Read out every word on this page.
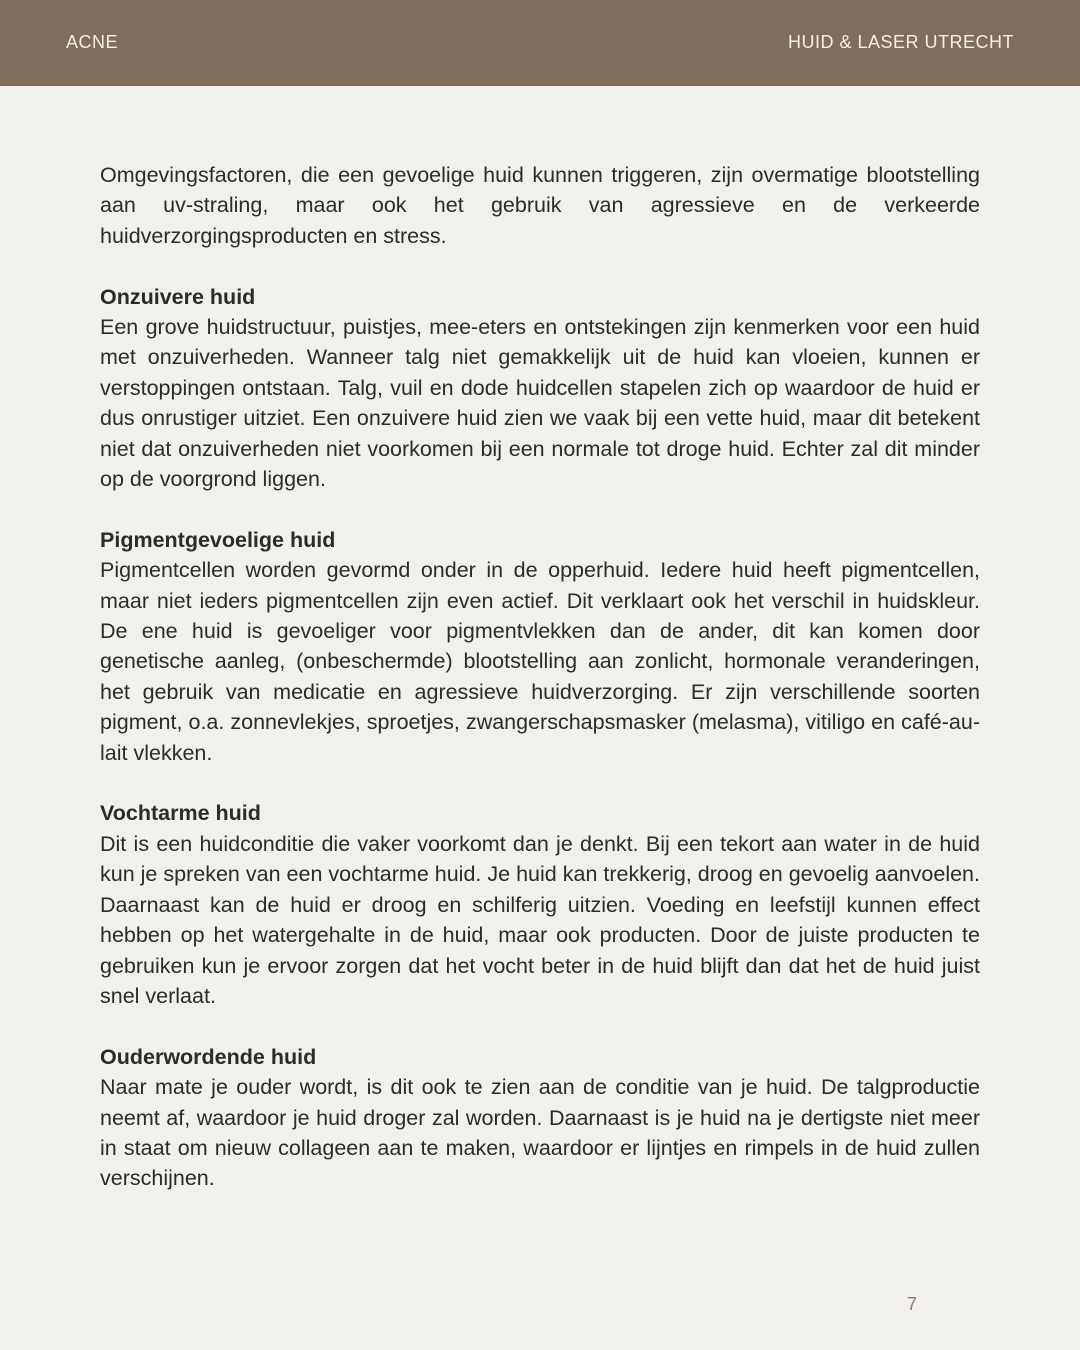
ACNE	HUID & LASER UTRECHT

Omgevingsfactoren, die een gevoelige huid kunnen triggeren, zijn overmatige blootstelling aan uv-straling, maar ook het gebruik van agressieve en de verkeerde huidverzorgingsproducten en stress.

Onzuivere huid

Een grove huidstructuur, puistjes, mee-eters en ontstekingen zijn kenmerken voor een huid met onzuiverheden. Wanneer talg niet gemakkelijk uit de huid kan vloeien, kunnen er verstoppingen ontstaan. Talg, vuil en dode huidcellen stapelen zich op waardoor de huid er dus onrustiger uitziet. Een onzuivere huid zien we vaak bij een vette huid, maar dit betekent niet dat onzuiverheden niet voorkomen bij een normale tot droge huid. Echter zal dit minder op de voorgrond liggen.

Pigmentgevoelige huid

Pigmentcellen worden gevormd onder in de opperhuid. Iedere huid heeft pigmentcellen, maar niet ieders pigmentcellen zijn even actief. Dit verklaart ook het verschil in huidskleur. De ene huid is gevoeliger voor pigmentvlekken dan de ander, dit kan komen door genetische aanleg, (onbeschermde) blootstelling aan zonlicht, hormonale veranderingen, het gebruik van medicatie en agressieve huidverzorging. Er zijn verschillende soorten pigment, o.a. zonnevlekjes, sproetjes, zwangerschapsmasker (melasma), vitiligo en café-au-lait vlekken.

Vochtarme huid

Dit is een huidconditie die vaker voorkomt dan je denkt. Bij een tekort aan water in de huid kun je spreken van een vochtarme huid. Je huid kan trekkerig, droog en gevoelig aanvoelen. Daarnaast kan de huid er droog en schilferig uitzien. Voeding en leefstijl kunnen effect hebben op het watergehalte in de huid, maar ook producten. Door de juiste producten te gebruiken kun je ervoor zorgen dat het vocht beter in de huid blijft dan dat het de huid juist snel verlaat.

Ouderwordende huid

Naar mate je ouder wordt, is dit ook te zien aan de conditie van je huid. De talgproductie neemt af, waardoor je huid droger zal worden. Daarnaast is je huid na je dertigste niet meer in staat om nieuw collageen aan te maken, waardoor er lijntjes en rimpels in de huid zullen verschijnen.

7
